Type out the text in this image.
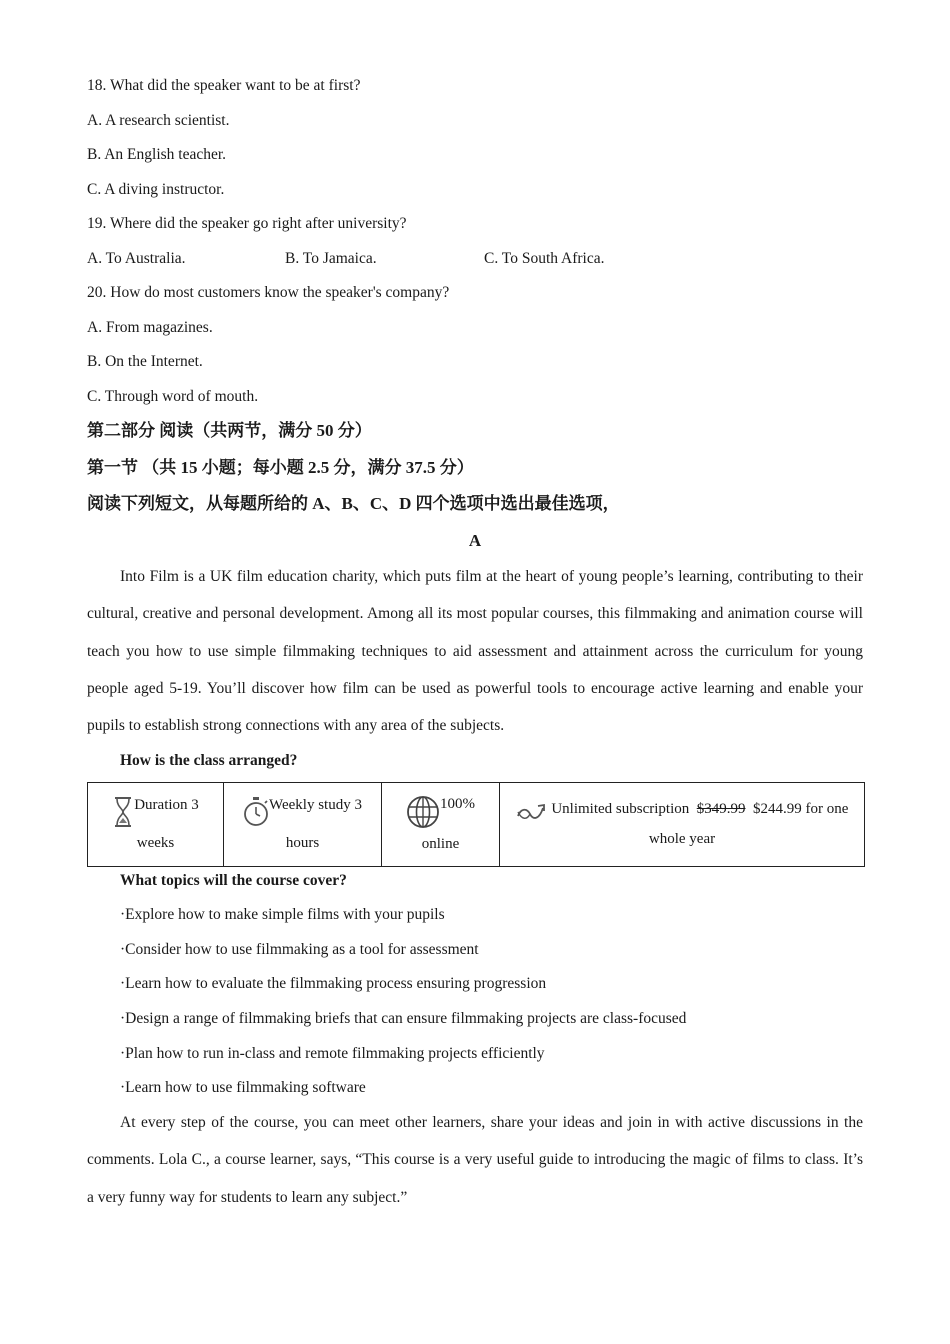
18. What did the speaker want to be at first?
A. A research scientist.
B. An English teacher.
C. A diving instructor.
19. Where did the speaker go right after university?
A. To Australia.	B. To Jamaica.	C. To South Africa.
20. How do most customers know the speaker's company?
A. From magazines.
B. On the Internet.
C. Through word of mouth.
第二部分 阅读（共两节，满分 50 分）
第一节 （共 15 小题；每小题 2.5 分，满分 37.5 分）
阅读下列短文，从每题所给的 A、B、C、D 四个选项中选出最佳选项，
A
Into Film is a UK film education charity, which puts film at the heart of young people’s learning, contributing to their cultural, creative and personal development. Among all its most popular courses, this filmmaking and animation course will teach you how to use simple filmmaking techniques to aid assessment and attainment across the curriculum for young people aged 5-19. You’ll discover how film can be used as powerful tools to encourage active learning and enable your pupils to establish strong connections with any area of the subjects.
How is the class arranged?
Duration 3 weeks	Weekly study 3 hours	100% online	Unlimited subscription $349.99 $244.99 for one whole year
What topics will the course cover?
·Explore how to make simple films with your pupils
·Consider how to use filmmaking as a tool for assessment
·Learn how to evaluate the filmmaking process ensuring progression
·Design a range of filmmaking briefs that can ensure filmmaking projects are class-focused
·Plan how to run in-class and remote filmmaking projects efficiently
·Learn how to use filmmaking software
At every step of the course, you can meet other learners, share your ideas and join in with active discussions in the comments. Lola C., a course learner, says, “This course is a very useful guide to introducing the magic of films to class. It’s a very funny way for students to learn any subject.”
